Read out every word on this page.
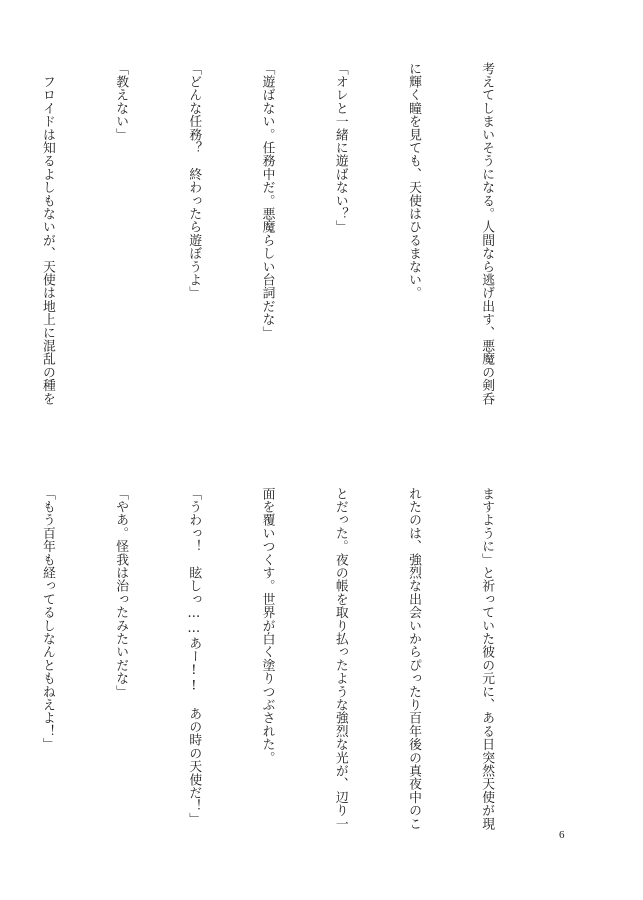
考えてしまいそうになる。人間なら逃げ出す、悪魔の剣呑

に輝く瞳を見ても、天使はひるまない。

「オレと一緒に遊ばない？」

「遊ばない。任務中だ。悪魔らしい台詞だな」

「どんな任務？　終わったら遊ぼうよ」

「教えない」

　フロイドは知るよしもないが、天使は地上に混乱の種を

ますように」と祈っていた彼の元に、ある日突然天使が現

れたのは、強烈な出会いからぴったり百年後の真夜中のこ

とだった。夜の帳を取り払ったような強烈な光が、辺り一

面を覆いつくす。世界が白く塗りつぶされた。

「うわっ！　眩しっ……あー!!　あの時の天使だ！」

「やあ。怪我は治ったみたいだな」

「もう百年も経ってるしなんともねえよ！」

6
